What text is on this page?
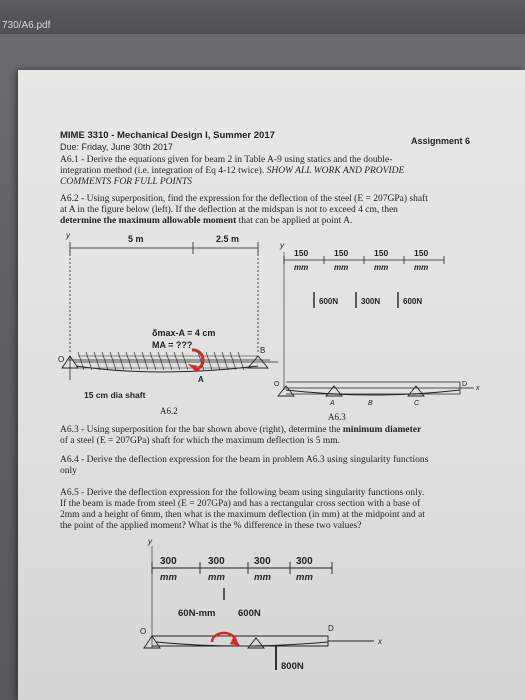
730/A6.pdf
MIME 3310 - Mechanical Design I, Summer 2017	Assignment 6
Due: Friday, June 30th 2017
A6.1 - Derive the equations given for beam 2 in Table A-9 using statics and the double-
integration method (i.e. integration of Eq 4-12 twice). SHOW ALL WORK AND PROVIDE
COMMENTS FOR FULL POINTS
A6.2 - Using superposition, find the expression for the deflection of the steel (E = 207GPa) shaft
at A in the figure below (left). If the deflection at the midspan is not to exceed 4 cm, then
determine the maximum allowable moment that can be applied at point A.
5 m	2.5 m
y
δmax-A = 4 cm
MA = ???
O
A
B
15 cm dia shaft
A6.2
y
150
mm
150
mm
150
mm
150
mm
600N	300N	600N
O
A	B	C
D
x
A6.3
A6.3 - Using superposition for the bar shown above (right), determine the minimum diameter
of a steel (E = 207GPa) shaft for which the maximum deflection is 5 mm.
A6.4 - Derive the deflection expression for the beam in problem A6.3 using singularity functions
only
A6.5 - Derive the deflection expression for the following beam using singularity functions only.
If the beam is made from steel (E = 207GPa) and has a rectangular cross section with a base of
2mm and a height of 6mm, then what is the maximum deflection (in mm) at the midpoint and at
the point of the applied moment? What is the % difference in these two values?
y
300
mm
300
mm
300
mm
300
mm
60N-mm 600N
O	D
x
800N
